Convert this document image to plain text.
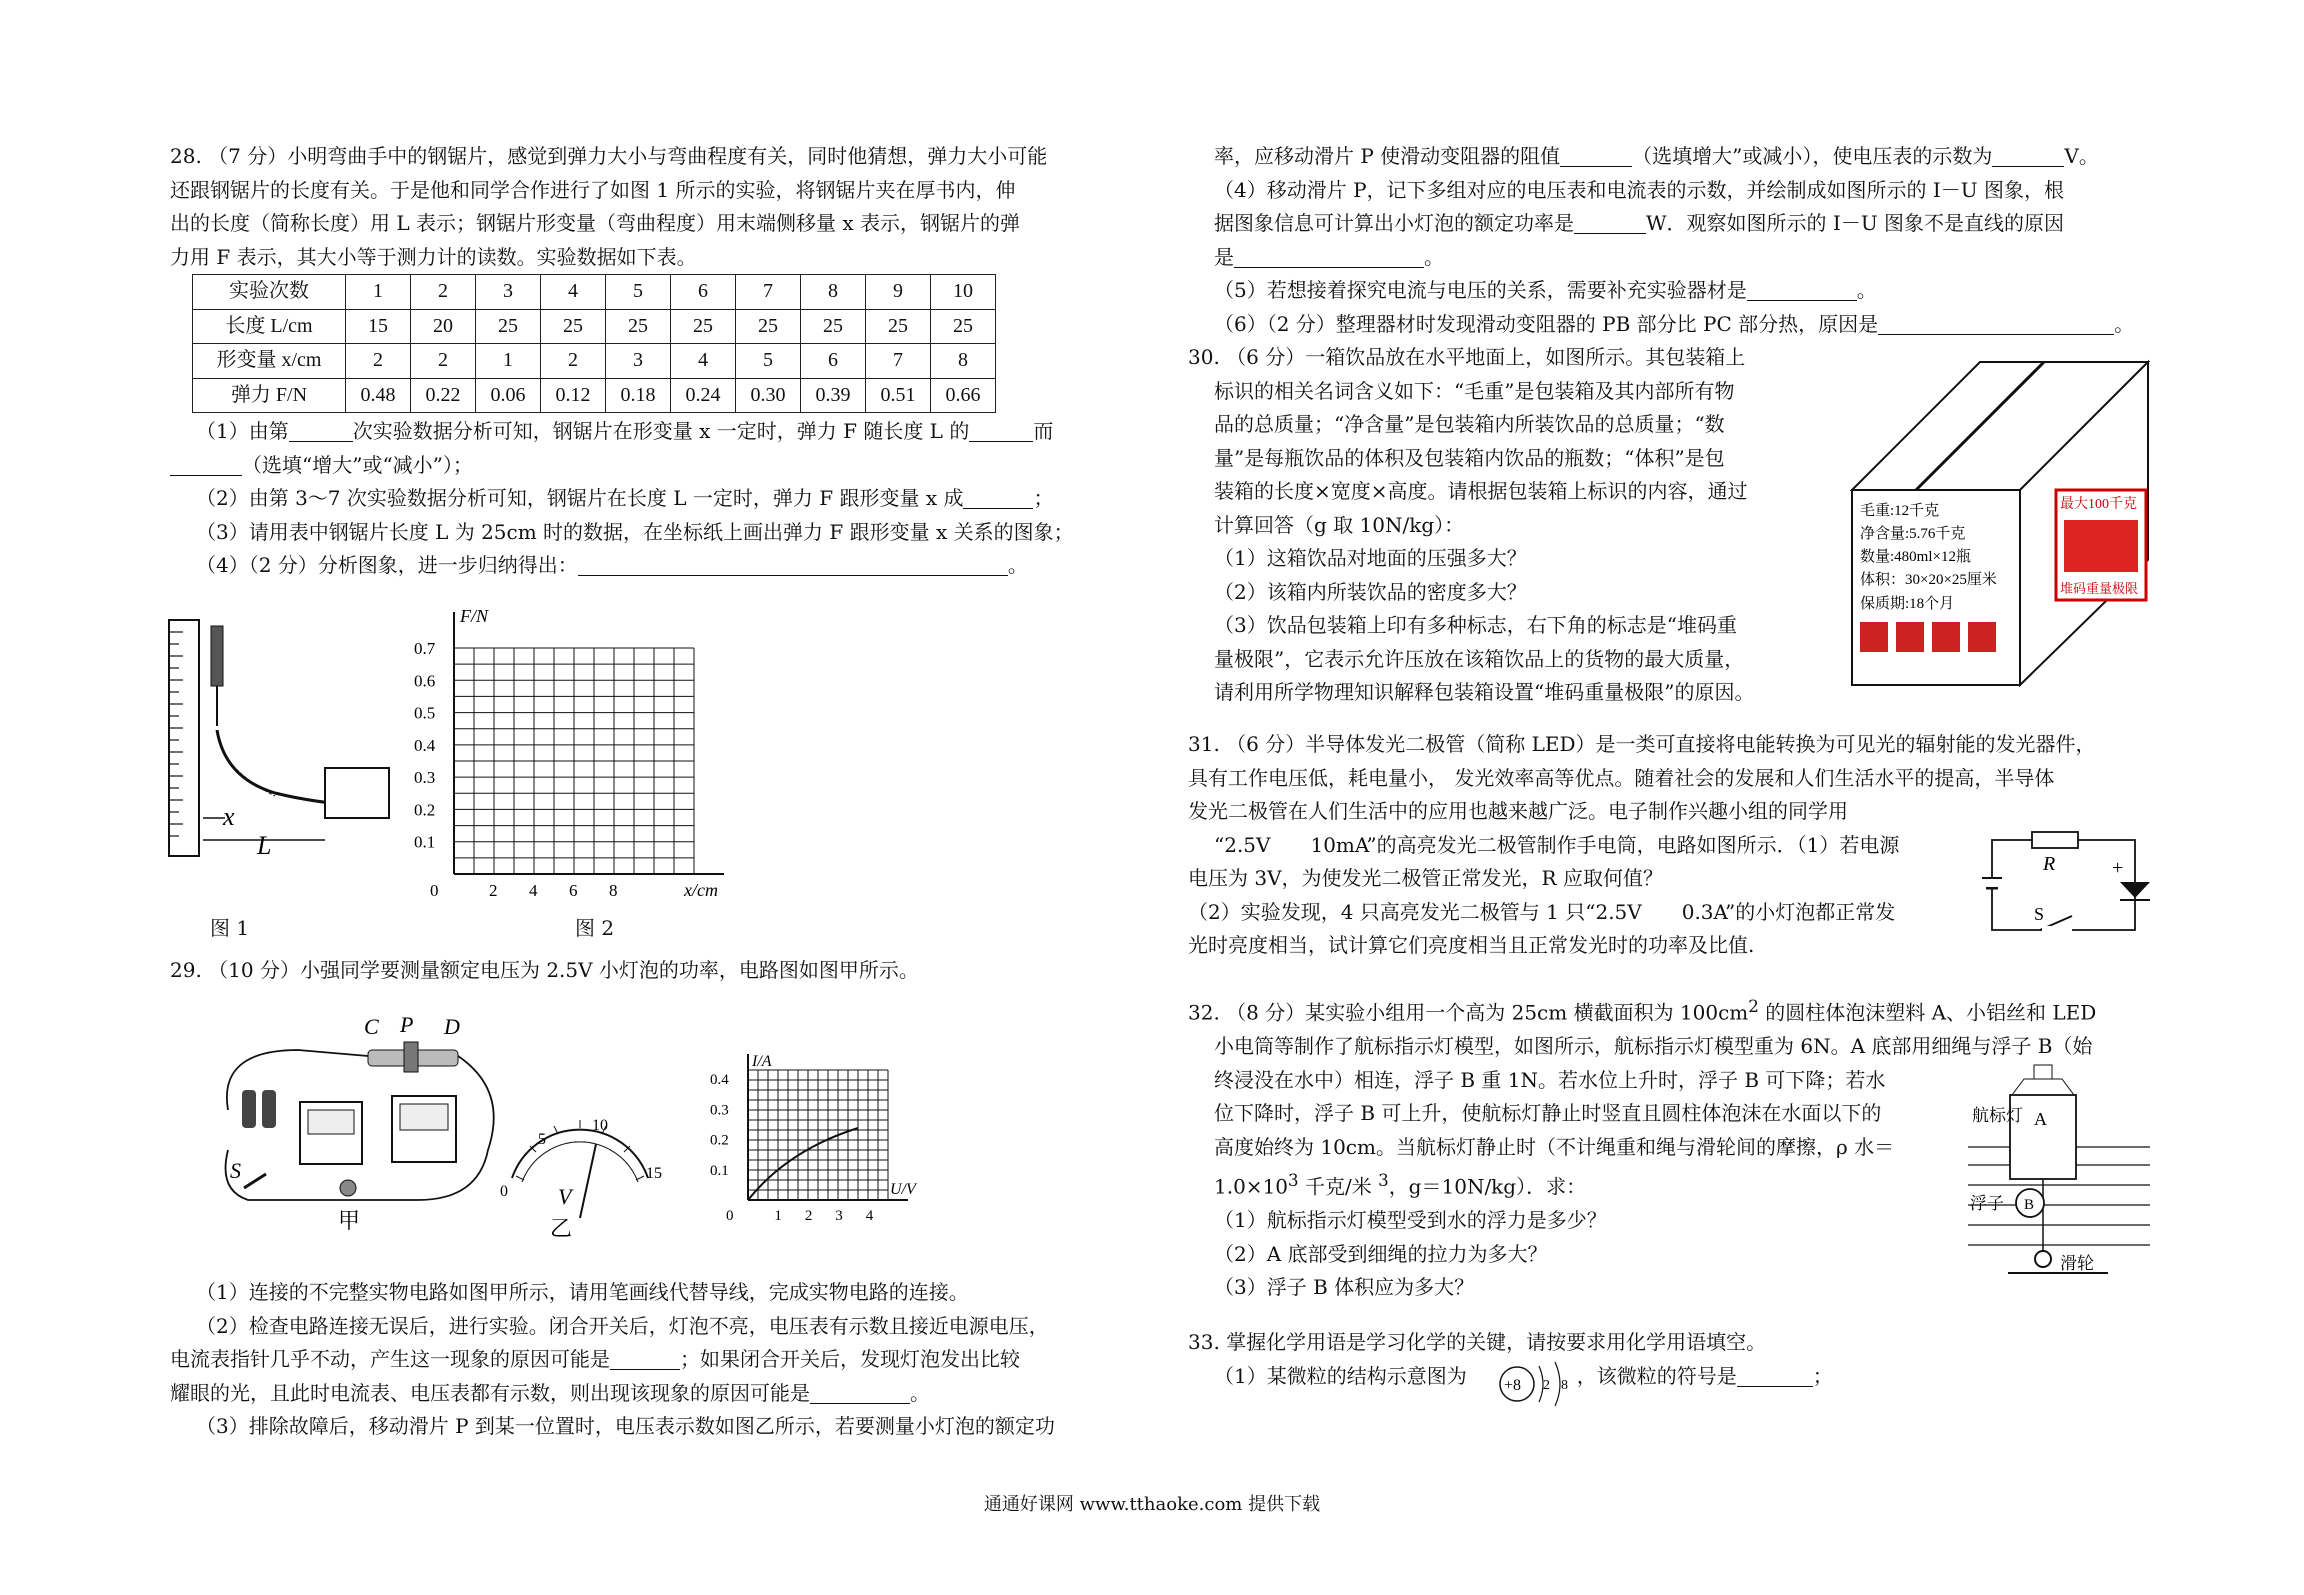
28. （7 分）小明弯曲手中的钢锯片，感觉到弹力大小与弯曲程度有关，同时他猜想，弹力大小可能

还跟钢锯片的长度有关。于是他和同学合作进行了如图 1 所示的实验，将钢锯片夹在厚书内，伸

出的长度（简称长度）用 L 表示；钢锯片形变量（弯曲程度）用末端侧移量 x 表示，钢锯片的弹

力用 F 表示，其大小等于测力计的读数。实验数据如下表。

实验次数	1	2	3	4	5	6	7	8	9	10
长度 L/cm	15	20	25	25	25	25	25	25	25	25
形变量 x/cm	2	2	1	2	3	4	5	6	7	8
弹力 F/N	0.48	0.22	0.06	0.12	0.18	0.24	0.30	0.39	0.51	0.66

（1）由第	次实验数据分析可知，钢锯片在形变量 x 一定时，弹力 F 随长度 L 的	而

（选填“增大”或“减小”）；

（2）由第 3～7 次实验数据分析可知，钢锯片在长度 L 一定时，弹力 F 跟形变量 x 成	；

（3）请用表中钢锯片长度 L 为 25cm 时的数据，在坐标纸上画出弹力 F 跟形变量 x 关系的图象；

（4）（2 分）分析图象，进一步归纳得出：	。

x
L
图 1
0.7
0.6
0.5
0.4
0.3
0.2
0.1
2 4 6 8
0
F/N
x/cm
图 2

29. （10 分）小强同学要测量额定电压为 2.5V 小灯泡的功率，电路图如图甲所示。

C P D
S
甲
0
5
10
15
V
乙
0.4
0.3
0.2
0.1
1 2 3 4
0
I/A
U/V

（1）连接的不完整实物电路如图甲所示，请用笔画线代替导线，完成实物电路的连接。

（2）检查电路连接无误后，进行实验。闭合开关后，灯泡不亮，电压表有示数且接近电源电压，

电流表指针几乎不动，产生这一现象的原因可能是	；如果闭合开关后，发现灯泡发出比较

耀眼的光，且此时电流表、电压表都有示数，则出现该现象的原因可能是	。

（3）排除故障后，移动滑片 P 到某一位置时，电压表示数如图乙所示，若要测量小灯泡的额定功

率，应移动滑片 P 使滑动变阻器的阻值	（选填增大”或减小），使电压表的示数为	V。

（4）移动滑片 P，记下多组对应的电压表和电流表的示数，并绘制成如图所示的 I－U 图象，根

据图象信息可计算出小灯泡的额定功率是	W．观察如图所示的 I－U 图象不是直线的原因

是	。

（5）若想接着探究电流与电压的关系，需要补充实验器材是	。

（6）（2 分）整理器材时发现滑动变阻器的 PB 部分比 PC 部分热，原因是	。

30. （6 分）一箱饮品放在水平地面上，如图所示。其包装箱上

标识的相关名词含义如下：“毛重”是包装箱及其内部所有物

品的总质量；“净含量”是包装箱内所装饮品的总质量；“数

量”是每瓶饮品的体积及包装箱内饮品的瓶数；“体积”是包

装箱的长度×宽度×高度。请根据包装箱上标识的内容，通过

计算回答（g 取 10N/kg）：

（1）这箱饮品对地面的压强多大？

（2）该箱内所装饮品的密度多大？

（3）饮品包装箱上印有多种标志，右下角的标志是“堆码重

量极限”，它表示允许压放在该箱饮品上的货物的最大质量，

请利用所学物理知识解释包装箱设置“堆码重量极限”的原因。

毛重:12千克
净含量:5.76千克
数量:480ml×12瓶
体积：30×20×25厘米
保质期:18个月
最大100千克
堆码重量极限

31. （6 分）半导体发光二极管（简称 LED）是一类可直接将电能转换为可见光的辐射能的发光器件，

具有工作电压低，耗电量小， 发光效率高等优点。随着社会的发展和人们生活水平的提高，半导体

发光二极管在人们生活中的应用也越来越广泛。电子制作兴趣小组的同学用

“2.5V　　10mA”的高亮发光二极管制作手电筒，电路如图所示．（1）若电源

电压为 3V，为使发光二极管正常发光，R 应取何值？

（2）实验发现，4 只高亮发光二极管与 1 只“2.5V　　0.3A”的小灯泡都正常发

光时亮度相当，试计算它们亮度相当且正常发光时的功率及比值.

R	+
S

32. （8 分）某实验小组用一个高为 25cm 横截面积为 $100cm^2$ 的圆柱体泡沫塑料 A、小铝丝和 LED

小电筒等制作了航标指示灯模型，如图所示，航标指示灯模型重为 6N。A 底部用细绳与浮子 B（始

终浸没在水中）相连，浮子 B 重 1N。若水位上升时，浮子 B 可下降；若水

位下降时，浮子 B 可上升，使航标灯静止时竖直且圆柱体泡沫在水面以下的

高度始终为 10cm。当航标灯静止时（不计绳重和绳与滑轮间的摩擦，ρ 水＝

$1.0\times 10^3$ 千克/米 $^3$，g＝10N/kg）．求：

（1）航标指示灯模型受到水的浮力是多少？

（2）A 底部受到细绳的拉力为多大？

（3）浮子 B 体积应为多大？

A
航标灯
B
浮子
滑轮

33. 掌握化学用语是学习化学的关键，请按要求用化学用语填空。

（1）某微粒的结构示意图为	，该微粒的符号是	；

+8 2 8
通通好课网 www.tthaoke.com 提供下载
